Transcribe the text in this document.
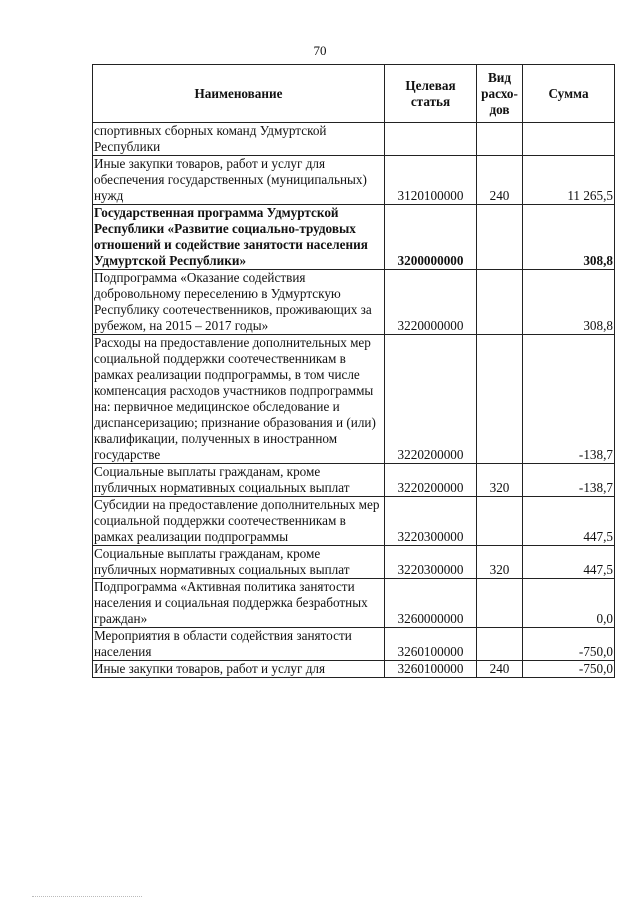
70
Наименование	Целевая статья	Вид расхо-дов	Сумма
спортивных сборных команд Удмуртской Республики			
Иные закупки товаров, работ и услуг для обеспечения государственных (муниципальных) нужд	3120100000	240	11 265,5
Государственная программа Удмуртской Республики «Развитие социально-трудовых отношений и содействие занятости населения Удмуртской Республики»	3200000000		308,8
Подпрограмма «Оказание содействия добровольному переселению в Удмуртскую Республику соотечественников, проживающих за рубежом, на 2015 – 2017 годы»	3220000000		308,8
Расходы на предоставление дополнительных мер социальной поддержки соотечественникам в рамках реализации подпрограммы, в том числе компенсация расходов участников подпрограммы на: первичное медицинское обследование и диспансеризацию; признание образования и (или) квалификации, полученных в иностранном государстве	3220200000		-138,7
Социальные выплаты гражданам, кроме публичных нормативных социальных выплат	3220200000	320	-138,7
Субсидии на предоставление дополнительных мер социальной поддержки соотечественникам в рамках реализации подпрограммы	3220300000		447,5
Социальные выплаты гражданам, кроме публичных нормативных социальных выплат	3220300000	320	447,5
Подпрограмма «Активная политика занятости населения и социальная поддержка безработных граждан»	3260000000		0,0
Мероприятия в области содействия занятости населения	3260100000		-750,0
Иные закупки товаров, работ и услуг для	3260100000	240	-750,0
